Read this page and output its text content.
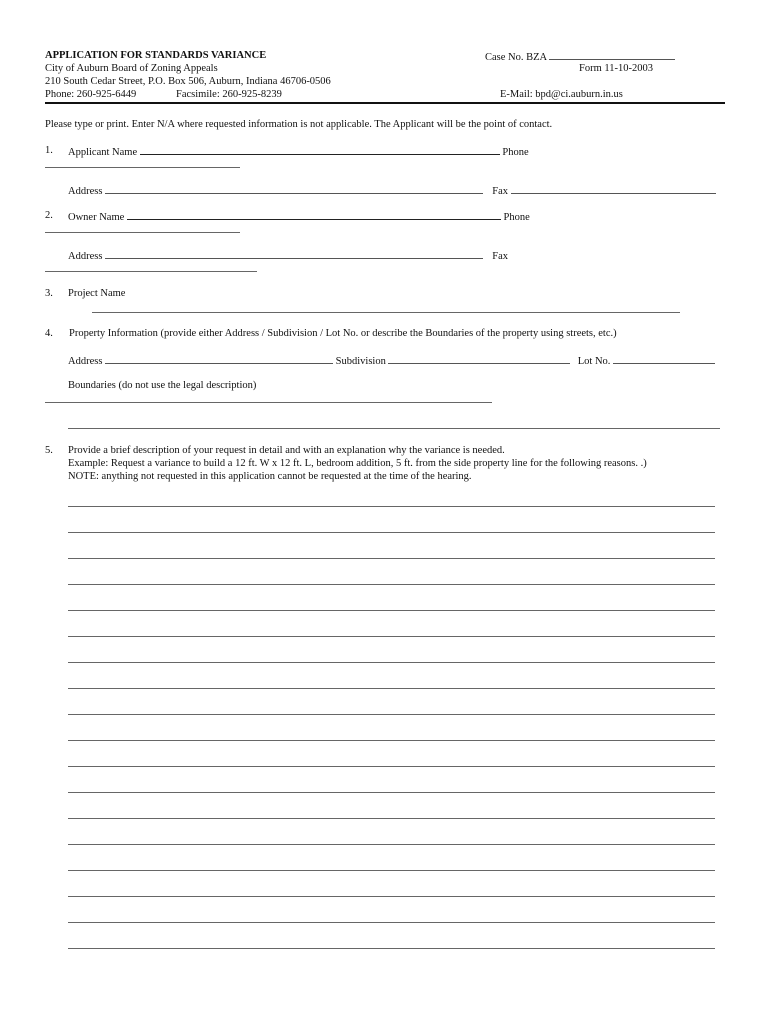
APPLICATION FOR STANDARDS VARIANCE
City of Auburn Board of Zoning Appeals
210 South Cedar Street, P.O. Box 506, Auburn, Indiana 46706-0506
Phone: 260-925-6449	Facsimile: 260-925-8239
Case No. BZA
Form 11-10-2003
E-Mail: bpd@ci.auburn.in.us
Please type or print. Enter N/A where requested information is not applicable. The Applicant will be the point of contact.
1. Applicant Name	Phone
Address	Fax
2. Owner Name	Phone
Address	Fax
3. Project Name
4. Property Information (provide either Address / Subdivision / Lot No. or describe the Boundaries of the property using streets, etc.)
Address	Subdivision	Lot No.
Boundaries (do not use the legal description)
5. Provide a brief description of your request in detail and with an explanation why the variance is needed.
Example: Request a variance to build a 12 ft. W x 12 ft. L, bedroom addition, 5 ft. from the side property line for the following reasons. .)
NOTE: anything not requested in this application cannot be requested at the time of the hearing.
